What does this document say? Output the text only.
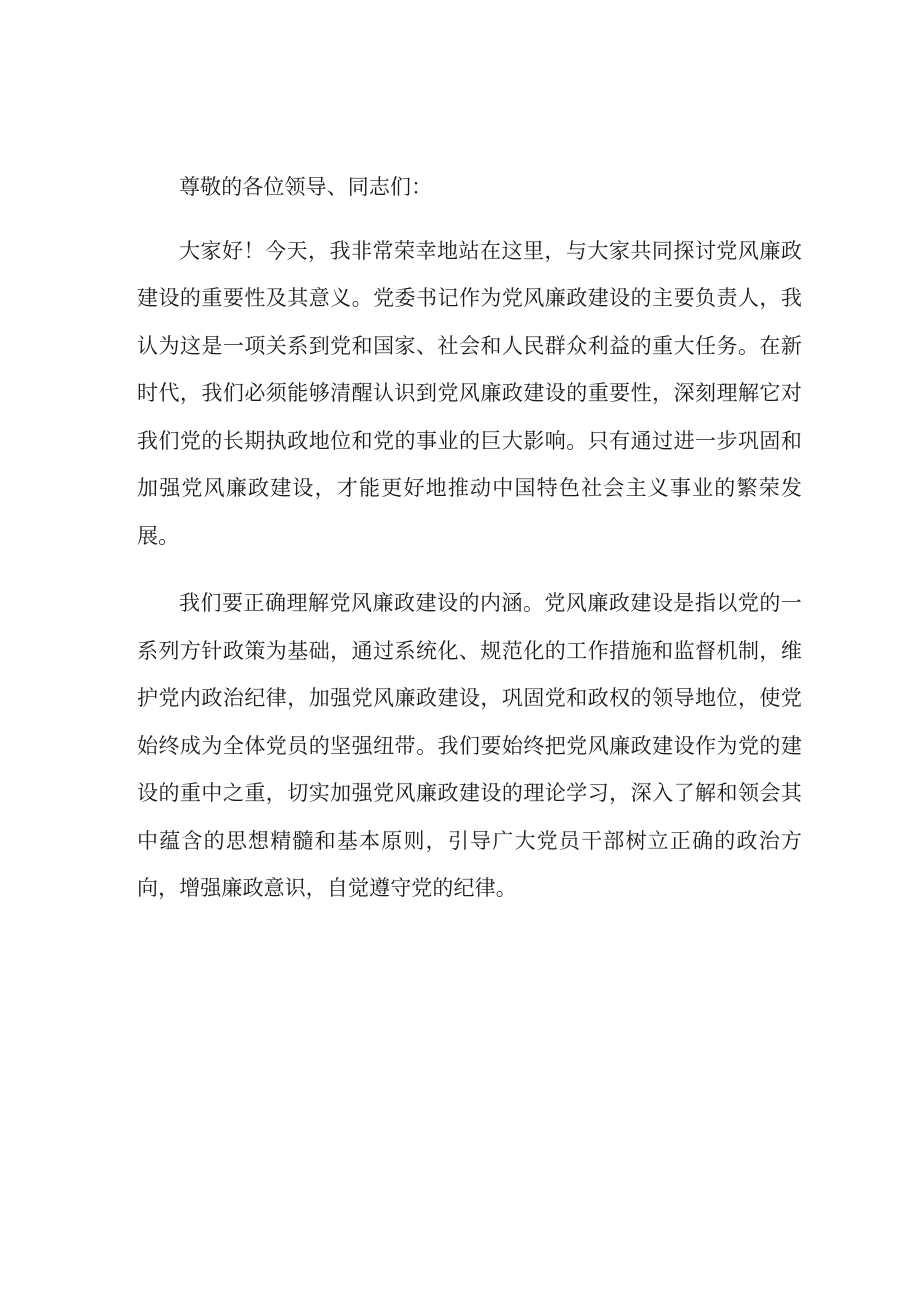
尊敬的各位领导、同志们：

大家好！今天，我非常荣幸地站在这里，与大家共同探讨党风廉政建设的重要性及其意义。党委书记作为党风廉政建设的主要负责人，我认为这是一项关系到党和国家、社会和人民群众利益的重大任务。在新时代，我们必须能够清醒认识到党风廉政建设的重要性，深刻理解它对我们党的长期执政地位和党的事业的巨大影响。只有通过进一步巩固和加强党风廉政建设，才能更好地推动中国特色社会主义事业的繁荣发展。

我们要正确理解党风廉政建设的内涵。党风廉政建设是指以党的一系列方针政策为基础，通过系统化、规范化的工作措施和监督机制，维护党内政治纪律，加强党风廉政建设，巩固党和政权的领导地位，使党始终成为全体党员的坚强纽带。我们要始终把党风廉政建设作为党的建设的重中之重，切实加强党风廉政建设的理论学习，深入了解和领会其中蕴含的思想精髓和基本原则，引导广大党员干部树立正确的政治方向，增强廉政意识，自觉遵守党的纪律。
